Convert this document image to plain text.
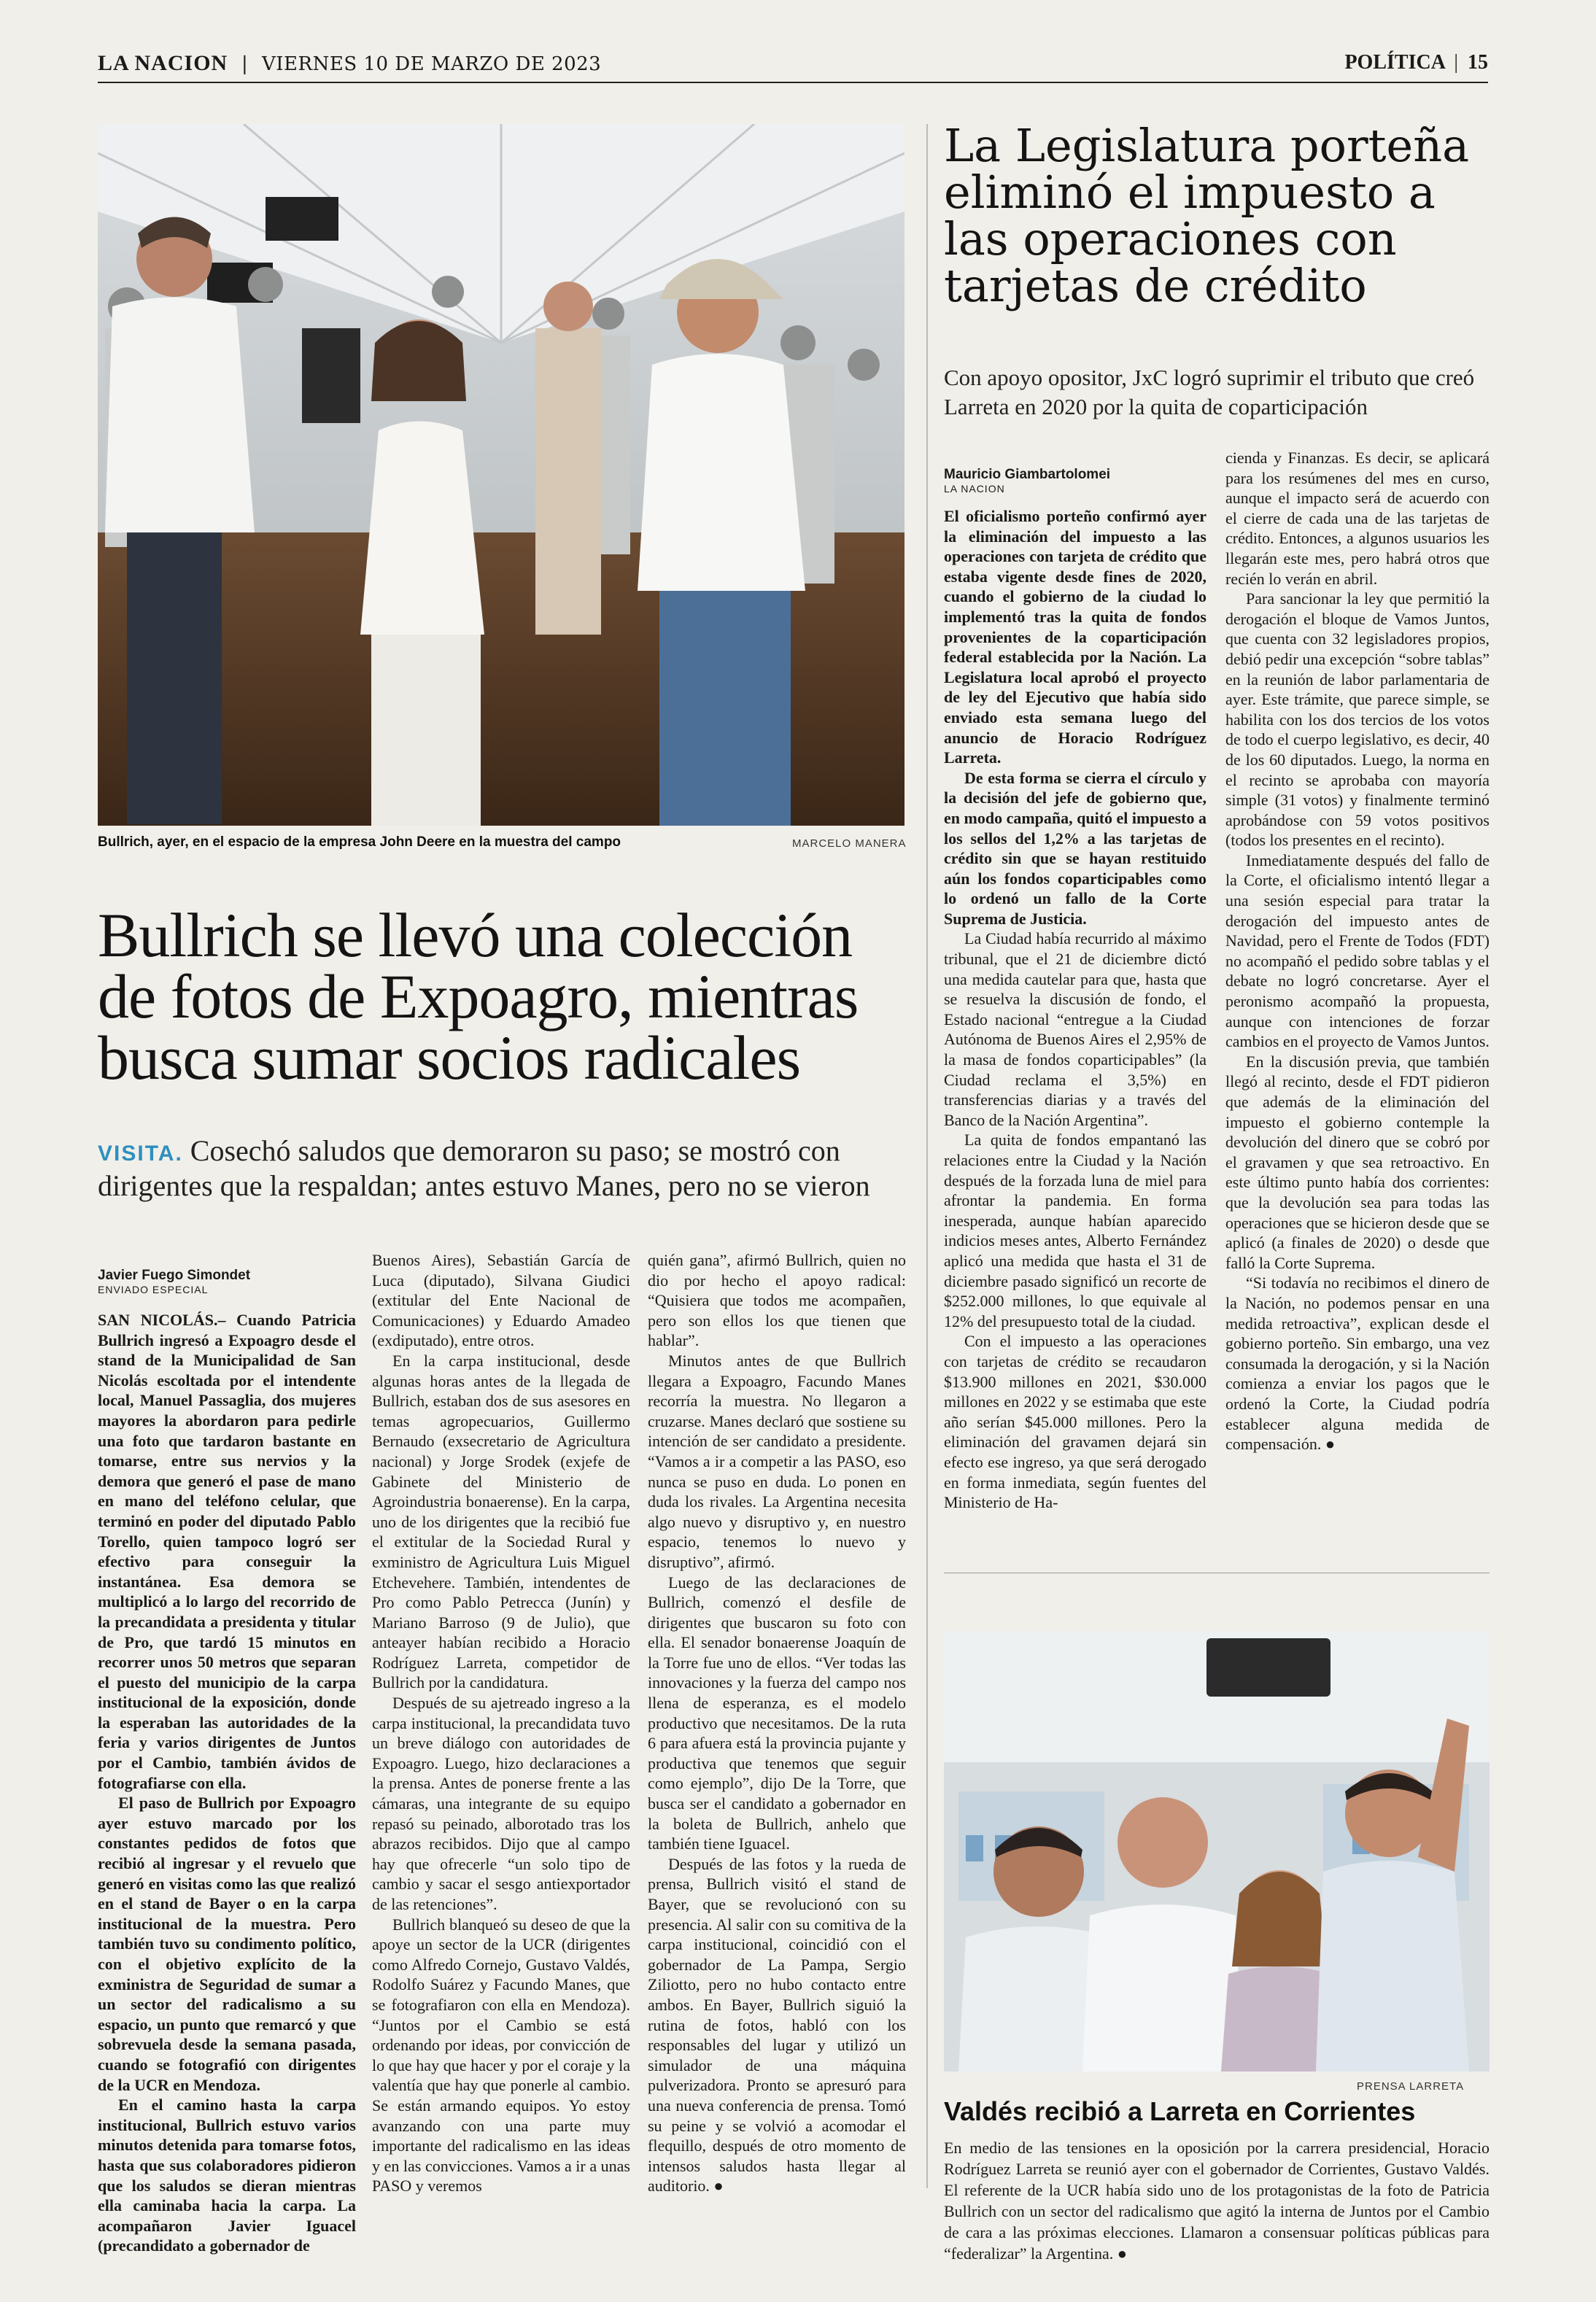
LA NACION | VIERNES 10 DE MARZO DE 2023	POLÍTICA | 15
Bullrich, ayer, en el espacio de la empresa John Deere en la muestra del campo	MARCELO MANERA
Bullrich se llevó una colección de fotos de Expoagro, mientras busca sumar socios radicales
VISITA. Cosechó saludos que demoraron su paso; se mostró con dirigentes que la respaldan; antes estuvo Manes, pero no se vieron
Javier Fuego Simondet
ENVIADO ESPECIAL

SAN NICOLÁS.– Cuando Patricia Bullrich ingresó a Expoagro desde el stand de la Municipalidad de San Nicolás escoltada por el intendente local, Manuel Passaglia, dos mujeres mayores la abordaron para pedirle una foto que tardaron bastante en tomarse, entre sus nervios y la demora que generó el pase de mano en mano del teléfono celular, que terminó en poder del diputado Pablo Torello, quien tampoco logró ser efectivo para conseguir la instantánea. Esa demora se multiplicó a lo largo del recorrido de la precandidata a presidenta y titular de Pro, que tardó 15 minutos en recorrer unos 50 metros que separan el puesto del municipio de la carpa institucional de la exposición, donde la esperaban las autoridades de la feria y varios dirigentes de Juntos por el Cambio, también ávidos de fotografiarse con ella.

El paso de Bullrich por Expoagro ayer estuvo marcado por los constantes pedidos de fotos que recibió al ingresar y el revuelo que generó en visitas como las que realizó en el stand de Bayer o en la carpa institucional de la muestra. Pero también tuvo su condimento político, con el objetivo explícito de la exministra de Seguridad de sumar a un sector del radicalismo a su espacio, un punto que remarcó y que sobrevuela desde la semana pasada, cuando se fotografió con dirigentes de la UCR en Mendoza.

En el camino hasta la carpa institucional, Bullrich estuvo varios minutos detenida para tomarse fotos, hasta que sus colaboradores pidieron que los saludos se dieran mientras ella caminaba hacia la carpa. La acompañaron Javier Iguacel (precandidato a gobernador de

Buenos Aires), Sebastián García de Luca (diputado), Silvana Giudici (extitular del Ente Nacional de Comunicaciones) y Eduardo Amadeo (exdiputado), entre otros.

En la carpa institucional, desde algunas horas antes de la llegada de Bullrich, estaban dos de sus asesores en temas agropecuarios, Guillermo Bernaudo (exsecretario de Agricultura nacional) y Jorge Srodek (exjefe de Gabinete del Ministerio de Agroindustria bonaerense). En la carpa, uno de los dirigentes que la recibió fue el extitular de la Sociedad Rural y exministro de Agricultura Luis Miguel Etchevehere. También, intendentes de Pro como Pablo Petrecca (Junín) y Mariano Barroso (9 de Julio), que anteayer habían recibido a Horacio Rodríguez Larreta, competidor de Bullrich por la candidatura.

Después de su ajetreado ingreso a la carpa institucional, la precandidata tuvo un breve diálogo con autoridades de Expoagro. Luego, hizo declaraciones a la prensa. Antes de ponerse frente a las cámaras, una integrante de su equipo repasó su peinado, alborotado tras los abrazos recibidos. Dijo que al campo hay que ofrecerle “un solo tipo de cambio y sacar el sesgo antiexportador de las retenciones”.

Bullrich blanqueó su deseo de que la apoye un sector de la UCR (dirigentes como Alfredo Cornejo, Gustavo Valdés, Rodolfo Suárez y Facundo Manes, que se fotografiaron con ella en Mendoza). “Juntos por el Cambio se está ordenando por ideas, por convicción de lo que hay que hacer y por el coraje y la valentía que hay que ponerle al cambio. Se están armando equipos. Yo estoy avanzando con una parte muy importante del radicalismo en las ideas y en las convicciones. Vamos a ir a unas PASO y veremos

quién gana”, afirmó Bullrich, quien no dio por hecho el apoyo radical: “Quisiera que todos me acompañen, pero son ellos los que tienen que hablar”.

Minutos antes de que Bullrich llegara a Expoagro, Facundo Manes recorría la muestra. No llegaron a cruzarse. Manes declaró que sostiene su intención de ser candidato a presidente. “Vamos a ir a competir a las PASO, eso nunca se puso en duda. Lo ponen en duda los rivales. La Argentina necesita algo nuevo y disruptivo y, en nuestro espacio, tenemos lo nuevo y disruptivo”, afirmó.

Luego de las declaraciones de Bullrich, comenzó el desfile de dirigentes que buscaron su foto con ella. El senador bonaerense Joaquín de la Torre fue uno de ellos. “Ver todas las innovaciones y la fuerza del campo nos llena de esperanza, es el modelo productivo que necesitamos. De la ruta 6 para afuera está la provincia pujante y productiva que tenemos que seguir como ejemplo”, dijo De la Torre, que busca ser el candidato a gobernador en la boleta de Bullrich, anhelo que también tiene Iguacel.

Después de las fotos y la rueda de prensa, Bullrich visitó el stand de Bayer, que se revolucionó con su presencia. Al salir con su comitiva de la carpa institucional, coincidió con el gobernador de La Pampa, Sergio Ziliotto, pero no hubo contacto entre ambos. En Bayer, Bullrich siguió la rutina de fotos, habló con los responsables del lugar y utilizó un simulador de una máquina pulverizadora. Pronto se apresuró para una nueva conferencia de prensa. Tomó su peine y se volvió a acomodar el flequillo, después de otro momento de intensos saludos hasta llegar al auditorio. ●

La Legislatura porteña eliminó el impuesto a las operaciones con tarjetas de crédito
Con apoyo opositor, JxC logró suprimir el tributo que creó Larreta en 2020 por la quita de coparticipación
Mauricio Giambartolomei
LA NACION

El oficialismo porteño confirmó ayer la eliminación del impuesto a las operaciones con tarjeta de crédito que estaba vigente desde fines de 2020, cuando el gobierno de la ciudad lo implementó tras la quita de fondos provenientes de la coparticipación federal establecida por la Nación. La Legislatura local aprobó el proyecto de ley del Ejecutivo que había sido enviado esta semana luego del anuncio de Horacio Rodríguez Larreta.

De esta forma se cierra el círculo y la decisión del jefe de gobierno que, en modo campaña, quitó el impuesto a los sellos del 1,2% a las tarjetas de crédito sin que se hayan restituido aún los fondos coparticipables como lo ordenó un fallo de la Corte Suprema de Justicia.

La Ciudad había recurrido al máximo tribunal, que el 21 de diciembre dictó una medida cautelar para que, hasta que se resuelva la discusión de fondo, el Estado nacional “entregue a la Ciudad Autónoma de Buenos Aires el 2,95% de la masa de fondos coparticipables” (la Ciudad reclama el 3,5%) en transferencias diarias y a través del Banco de la Nación Argentina”.

La quita de fondos empantanó las relaciones entre la Ciudad y la Nación después de la forzada luna de miel para afrontar la pandemia. En forma inesperada, aunque habían aparecido indicios meses antes, Alberto Fernández aplicó una medida que hasta el 31 de diciembre pasado significó un recorte de $252.000 millones, lo que equivale al 12% del presupuesto total de la ciudad.

Con el impuesto a las operaciones con tarjetas de crédito se recaudaron $13.900 millones en 2021, $30.000 millones en 2022 y se estimaba que este año serían $45.000 millones. Pero la eliminación del gravamen dejará sin efecto ese ingreso, ya que será derogado en forma inmediata, según fuentes del Ministerio de Ha-

cienda y Finanzas. Es decir, se aplicará para los resúmenes del mes en curso, aunque el impacto será de acuerdo con el cierre de cada una de las tarjetas de crédito. Entonces, a algunos usuarios les llegarán este mes, pero habrá otros que recién lo verán en abril.

Para sancionar la ley que permitió la derogación el bloque de Vamos Juntos, que cuenta con 32 legisladores propios, debió pedir una excepción “sobre tablas” en la reunión de labor parlamentaria de ayer. Este trámite, que parece simple, se habilita con los dos tercios de los votos de todo el cuerpo legislativo, es decir, 40 de los 60 diputados. Luego, la norma en el recinto se aprobaba con mayoría simple (31 votos) y finalmente terminó aprobándose con 59 votos positivos (todos los presentes en el recinto).

Inmediatamente después del fallo de la Corte, el oficialismo intentó llegar a una sesión especial para tratar la derogación del impuesto antes de Navidad, pero el Frente de Todos (FDT) no acompañó el pedido sobre tablas y el debate no logró concretarse. Ayer el peronismo acompañó la propuesta, aunque con intenciones de forzar cambios en el proyecto de Vamos Juntos.

En la discusión previa, que también llegó al recinto, desde el FDT pidieron que además de la eliminación del impuesto el gobierno contemple la devolución del dinero que se cobró por el gravamen y que sea retroactivo. En este último punto había dos corrientes: que la devolución sea para todas las operaciones que se hicieron desde que se aplicó (a finales de 2020) o desde que falló la Corte Suprema.

“Si todavía no recibimos el dinero de la Nación, no podemos pensar en una medida retroactiva”, explican desde el gobierno porteño. Sin embargo, una vez consumada la derogación, y si la Nación comienza a enviar los pagos que le ordenó la Corte, la Ciudad podría establecer alguna medida de compensación. ●

PRENSA LARRETA
Valdés recibió a Larreta en Corrientes
En medio de las tensiones en la oposición por la carrera presidencial, Horacio Rodríguez Larreta se reunió ayer con el gobernador de Corrientes, Gustavo Valdés. El referente de la UCR había sido uno de los protagonistas de la foto de Patricia Bullrich con un sector del radicalismo que agitó la interna de Juntos por el Cambio de cara a las próximas elecciones. Llamaron a consensuar políticas públicas para “federalizar” la Argentina. ●
